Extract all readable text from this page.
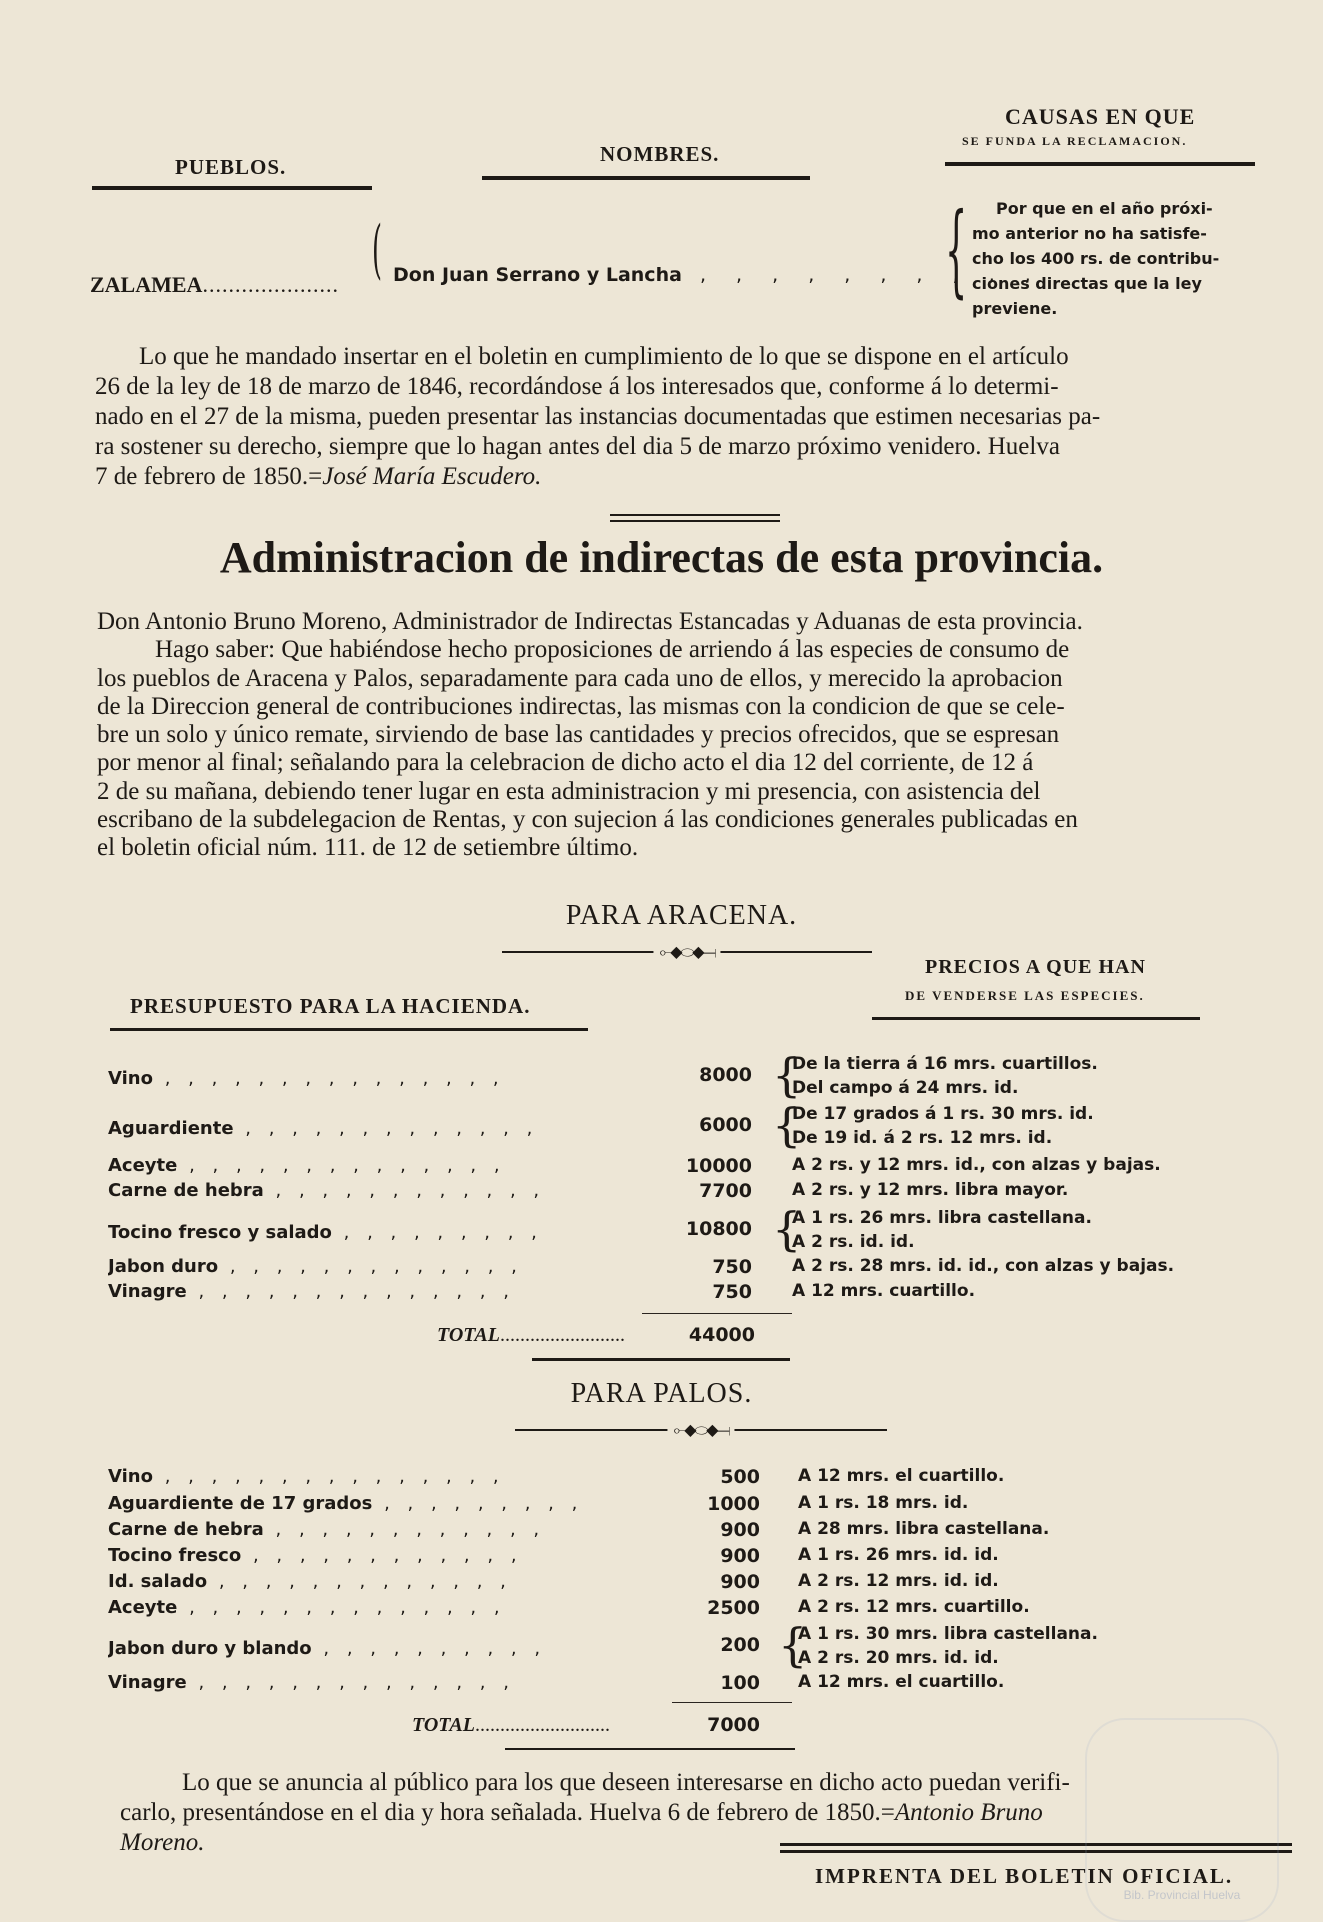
PUEBLOS.
NOMBRES.
CAUSAS EN QUE
SE FUNDA LA RECLAMACION.
ZALAMEA..................... ( Don Juan Serrano y Lancha , , , , , , , , , ,
{	Por que en el año próxi-
mo anterior no ha satisfe-
cho los 400 rs. de contribu-
ciones directas que la ley
previene.
Lo que he mandado insertar en el boletin en cumplimiento de lo que se dispone en el artículo
26 de la ley de 18 de marzo de 1846, recordándose á los interesados que, conforme á lo determi-
nado en el 27 de la misma, pueden presentar las instancias documentadas que estimen necesarias pa-
ra sostener su derecho, siempre que lo hagan antes del dia 5 de marzo próximo venidero. Huelva
7 de febrero de 1850.=José María Escudero.
Administracion de indirectas de esta provincia.
Don Antonio Bruno Moreno, Administrador de Indirectas Estancadas y Aduanas de esta provincia.
Hago saber: Que habiéndose hecho proposiciones de arriendo á las especies de consumo de
los pueblos de Aracena y Palos, separadamente para cada uno de ellos, y merecido la aprobacion
de la Direccion general de contribuciones indirectas, las mismas con la condicion de que se cele-
bre un solo y único remate, sirviendo de base las cantidades y precios ofrecidos, que se espresan
por menor al final; señalando para la celebracion de dicho acto el dia 12 del corriente, de 12 á
2 de su mañana, debiendo tener lugar en esta administracion y mi presencia, con asistencia del
escribano de la subdelegacion de Rentas, y con sujecion á las condiciones generales publicadas en
el boletin oficial núm. 111. de 12 de setiembre último.
PARA ARACENA.
⟜◆⬭◆⟞
PRESUPUESTO PARA LA HACIENDA.
PRECIOS A QUE HAN
DE VENDERSE LAS ESPECIES.
Vino , , , , , , , , , , , , , , ,	8000 {
De la tierra á 16 mrs. cuartillos.
Del campo á 24 mrs. id.
Aguardiente , , , , , , , , , , , , ,	6000 {
De 17 grados á 1 rs. 30 mrs. id.
De 19 id. á 2 rs. 12 mrs. id.
Aceyte , , , , , , , , , , , , , ,	10000 A 2 rs. y 12 mrs. id., con alzas y bajas.
Carne de hebra , , , , , , , , , , , ,	7700 A 2 rs. y 12 mrs. libra mayor.
Tocino fresco y salado , , , , , , , , ,	10800 {
A 1 rs. 26 mrs. libra castellana.
A 2 rs. id. id.
Jabon duro , , , , , , , , , , , , ,	750 A 2 rs. 28 mrs. id. id., con alzas y bajas.
Vinagre , , , , , , , , , , , , , ,	750 A 12 mrs. cuartillo.
TOTAL.........................	44000
PARA PALOS.
⟜◆⬭◆⟞
Vino , , , , , , , , , , , , , , ,	500 A 12 mrs. el cuartillo.
Aguardiente de 17 grados , , , , , , , , ,	1000 A 1 rs. 18 mrs. id.
Carne de hebra , , , , , , , , , , , ,	900 A 28 mrs. libra castellana.
Tocino fresco , , , , , , , , , , , ,	900 A 1 rs. 26 mrs. id. id.
Id. salado , , , , , , , , , , , , ,	900 A 2 rs. 12 mrs. id. id.
Aceyte , , , , , , , , , , , , , ,	2500 A 2 rs. 12 mrs. cuartillo.
Jabon duro y blando , , , , , , , , , ,	200 {
A 1 rs. 30 mrs. libra castellana.
A 2 rs. 20 mrs. id. id.
Vinagre , , , , , , , , , , , , , ,	100 A 12 mrs. el cuartillo.
TOTAL...........................	7000
Lo que se anuncia al público para los que deseen interesarse en dicho acto puedan verifi-
carlo, presentándose en el dia y hora señalada. Huelva 6 de febrero de 1850.=Antonio Bruno
Moreno.
IMPRENTA DEL BOLETIN OFICIAL.
Bib. Provincial Huelva
